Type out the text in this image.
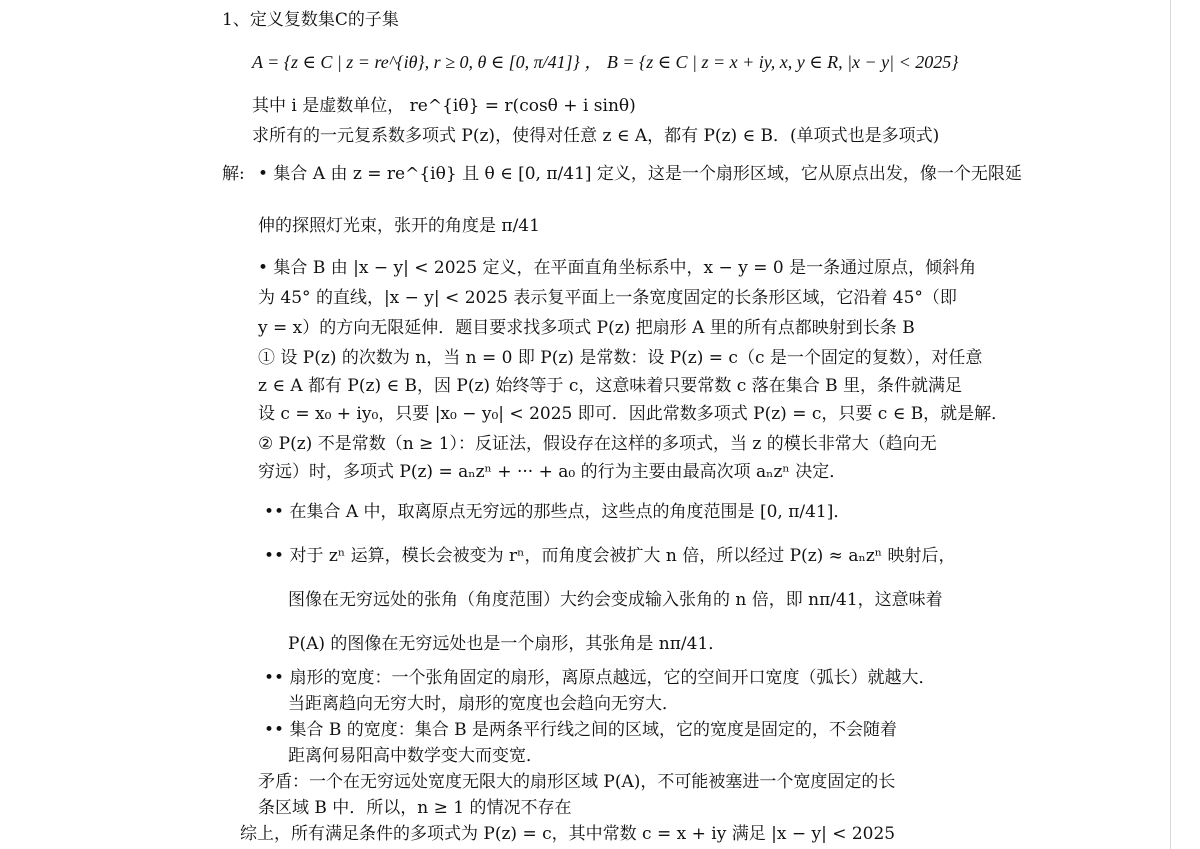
1、定义复数集C的子集
A = {z ∈ C | z = re^{iθ}, r ≥ 0, θ ∈ [0, π/41]} ， B = {z ∈ C | z = x + iy, x, y ∈ R, |x − y| < 2025}
其中 i 是虚数单位， re^{iθ} = r(cosθ + i sinθ)
求所有的一元复系数多项式 P(z)，使得对任意 z ∈ A，都有 P(z) ∈ B．(单项式也是多项式)
解: • 集合 A 由 z = re^{iθ} 且 θ ∈ [0, π/41] 定义，这是一个扇形区域，它从原点出发，像一个无限延
伸的探照灯光束，张开的角度是 π/41
• 集合 B 由 |x − y| < 2025 定义，在平面直角坐标系中，x − y = 0 是一条通过原点，倾斜角
为 45° 的直线，|x − y| < 2025 表示复平面上一条宽度固定的长条形区域，它沿着 45°（即
y = x）的方向无限延伸．题目要求找多项式 P(z) 把扇形 A 里的所有点都映射到长条 B
① 设 P(z) 的次数为 n，当 n = 0 即 P(z) 是常数：设 P(z) = c（c 是一个固定的复数），对任意
z ∈ A 都有 P(z) ∈ B，因 P(z) 始终等于 c，这意味着只要常数 c 落在集合 B 里，条件就满足
设 c = x₀ + iy₀，只要 |x₀ − y₀| < 2025 即可．因此常数多项式 P(z) = c，只要 c ∈ B，就是解．
② P(z) 不是常数（n ≥ 1）：反证法，假设存在这样的多项式，当 z 的模长非常大（趋向无
穷远）时，多项式 P(z) = aₙzⁿ + ··· + a₀ 的行为主要由最高次项 aₙzⁿ 决定．
•• 在集合 A 中，取离原点无穷远的那些点，这些点的角度范围是 [0, π/41]．
•• 对于 zⁿ 运算，模长会被变为 rⁿ，而角度会被扩大 n 倍，所以经过 P(z) ≈ aₙzⁿ 映射后，
图像在无穷远处的张角（角度范围）大约会变成输入张角的 n 倍，即 nπ/41，这意味着
P(A) 的图像在无穷远处也是一个扇形，其张角是 nπ/41．
•• 扇形的宽度：一个张角固定的扇形，离原点越远，它的空间开口宽度（弧长）就越大．
当距离趋向无穷大时，扇形的宽度也会趋向无穷大．
•• 集合 B 的宽度：集合 B 是两条平行线之间的区域，它的宽度是固定的，不会随着
距离何易阳高中数学变大而变宽．
矛盾：一个在无穷远处宽度无限大的扇形区域 P(A)，不可能被塞进一个宽度固定的长
条区域 B 中．所以，n ≥ 1 的情况不存在
综上，所有满足条件的多项式为 P(z) = c，其中常数 c = x + iy 满足 |x − y| < 2025
